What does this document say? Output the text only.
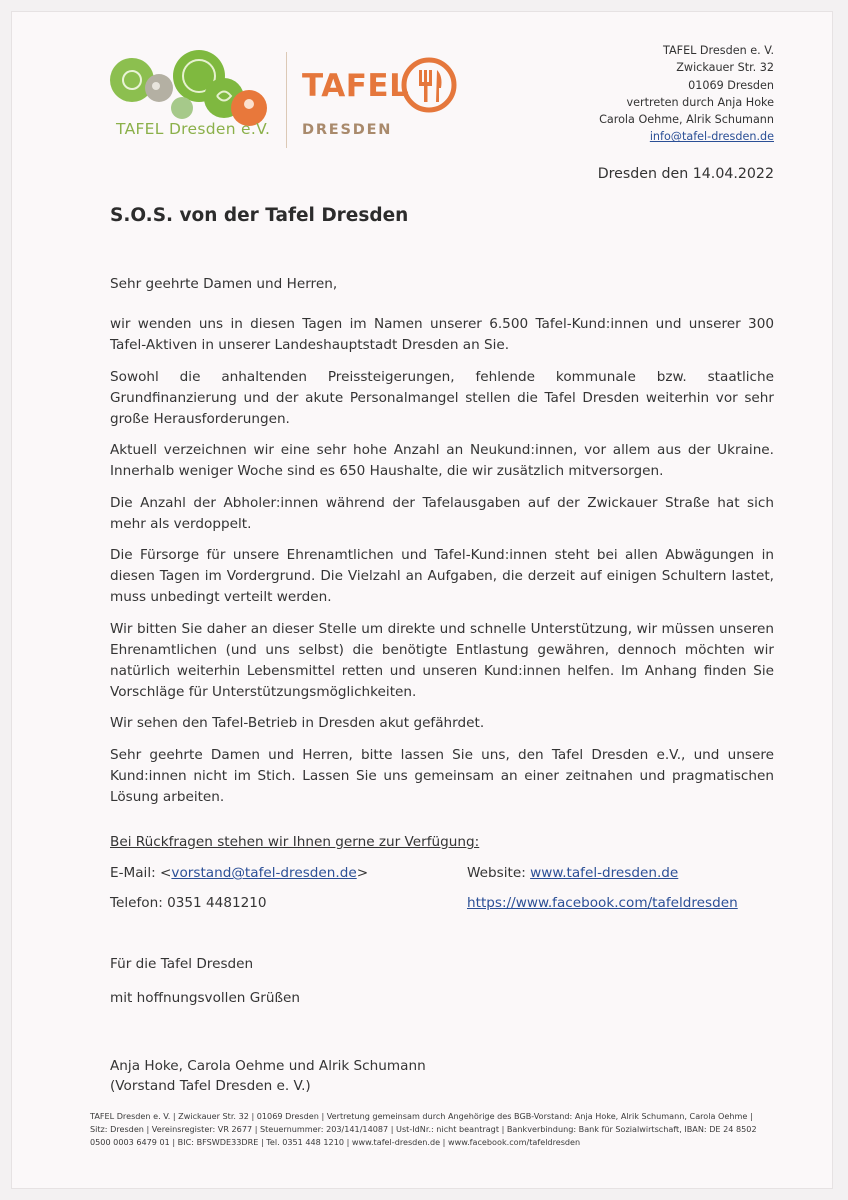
TAFEL Dresden e.V.
TAFEL
DRESDEN
TAFEL Dresden e. V.
Zwickauer Str. 32
01069 Dresden
vertreten durch Anja Hoke
Carola Oehme, Alrik Schumann
info@tafel-dresden.de
Dresden den 14.04.2022
S.O.S. von der Tafel Dresden

Sehr geehrte Damen und Herren,

wir wenden uns in diesen Tagen im Namen unserer 6.500 Tafel-Kund:innen und unserer 300 Tafel-Aktiven in unserer Landeshauptstadt Dresden an Sie.

Sowohl die anhaltenden Preissteigerungen, fehlende kommunale bzw. staatliche Grundfinanzierung und der akute Personalmangel stellen die Tafel Dresden weiterhin vor sehr große Herausforderungen.

Aktuell verzeichnen wir eine sehr hohe Anzahl an Neukund:innen, vor allem aus der Ukraine. Innerhalb weniger Woche sind es 650 Haushalte, die wir zusätzlich mitversorgen.

Die Anzahl der Abholer:innen während der Tafelausgaben auf der Zwickauer Straße hat sich mehr als verdoppelt.

Die Fürsorge für unsere Ehrenamtlichen und Tafel-Kund:innen steht bei allen Abwägungen in diesen Tagen im Vordergrund. Die Vielzahl an Aufgaben, die derzeit auf einigen Schultern lastet, muss unbedingt verteilt werden.

Wir bitten Sie daher an dieser Stelle um direkte und schnelle Unterstützung, wir müssen unseren Ehrenamtlichen (und uns selbst) die benötigte Entlastung gewähren, dennoch möchten wir natürlich weiterhin Lebensmittel retten und unseren Kund:innen helfen. Im Anhang finden Sie Vorschläge für Unterstützungsmöglichkeiten.

Wir sehen den Tafel-Betrieb in Dresden akut gefährdet.

Sehr geehrte Damen und Herren, bitte lassen Sie uns, den Tafel Dresden e.V., und unsere Kund:innen nicht im Stich. Lassen Sie uns gemeinsam an einer zeitnahen und pragmatischen Lösung arbeiten.

Bei Rückfragen stehen wir Ihnen gerne zur Verfügung:
E-Mail: <vorstand@tafel-dresden.de>
Telefon: 0351 4481210
Website: www.tafel-dresden.de
https://www.facebook.com/tafeldresden
Für die Tafel Dresden
mit hoffnungsvollen Grüßen
Anja Hoke, Carola Oehme und Alrik Schumann
(Vorstand Tafel Dresden e. V.)
TAFEL Dresden e. V. | Zwickauer Str. 32 | 01069 Dresden | Vertretung gemeinsam durch Angehörige des BGB-Vorstand: Anja Hoke, Alrik Schumann, Carola Oehme |
Sitz: Dresden | Vereinsregister: VR 2677 | Steuernummer: 203/141/14087 | Ust-IdNr.: nicht beantragt | Bankverbindung: Bank für Sozialwirtschaft, IBAN: DE 24 8502
0500 0003 6479 01 | BIC: BFSWDE33DRE | Tel. 0351 448 1210 | www.tafel-dresden.de | www.facebook.com/tafeldresden
